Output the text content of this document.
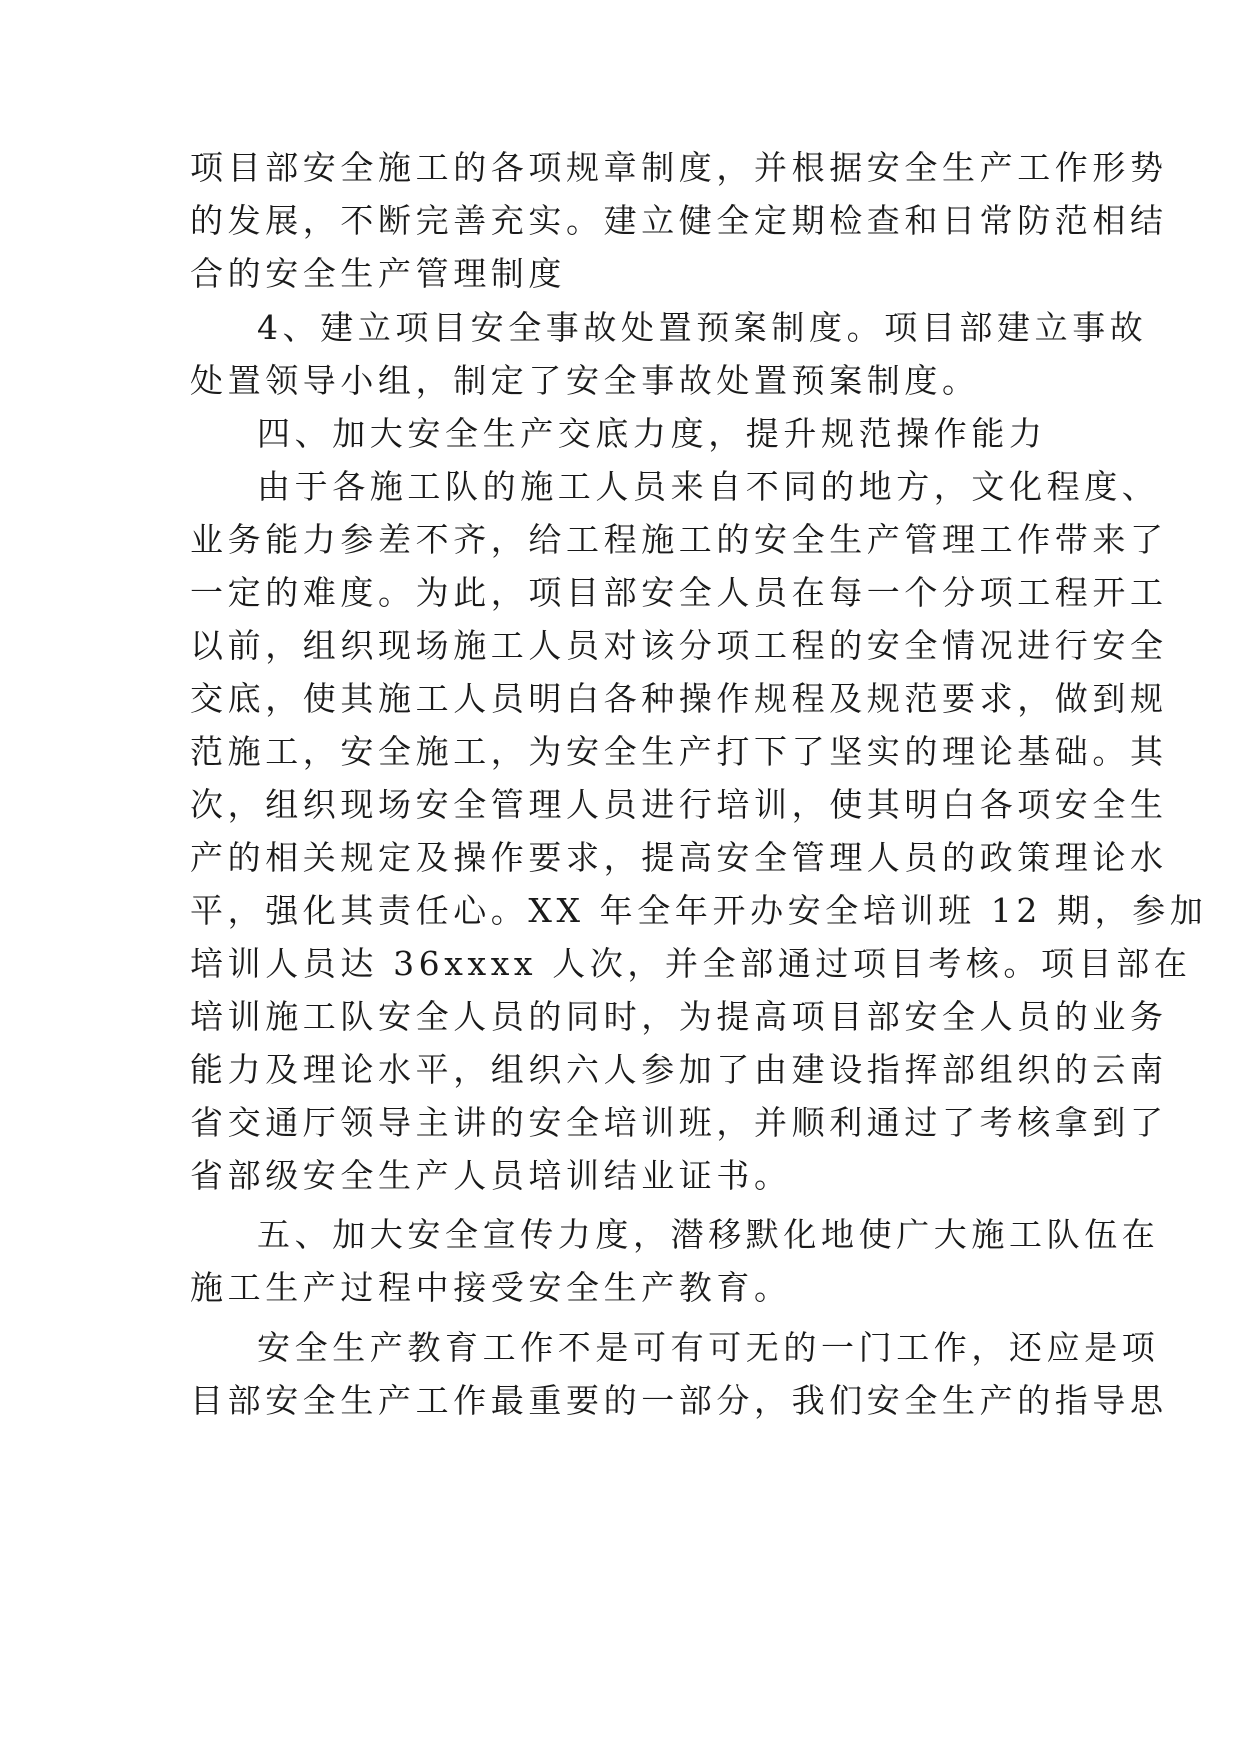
项目部安全施工的各项规章制度，并根据安全生产工作形势
的发展，不断完善充实。建立健全定期检查和日常防范相结
合的安全生产管理制度
4、建立项目安全事故处置预案制度。项目部建立事故
处置领导小组，制定了安全事故处置预案制度。
四、加大安全生产交底力度，提升规范操作能力
由于各施工队的施工人员来自不同的地方，文化程度、
业务能力参差不齐，给工程施工的安全生产管理工作带来了
一定的难度。为此，项目部安全人员在每一个分项工程开工
以前，组织现场施工人员对该分项工程的安全情况进行安全
交底，使其施工人员明白各种操作规程及规范要求，做到规
范施工，安全施工，为安全生产打下了坚实的理论基础。其
次，组织现场安全管理人员进行培训，使其明白各项安全生
产的相关规定及操作要求，提高安全管理人员的政策理论水
平，强化其责任心。XX 年全年开办安全培训班 12 期，参加
培训人员达 36xxxx 人次，并全部通过项目考核。项目部在
培训施工队安全人员的同时，为提高项目部安全人员的业务
能力及理论水平，组织六人参加了由建设指挥部组织的云南
省交通厅领导主讲的安全培训班，并顺利通过了考核拿到了
省部级安全生产人员培训结业证书。
五、加大安全宣传力度，潜移默化地使广大施工队伍在
施工生产过程中接受安全生产教育。
安全生产教育工作不是可有可无的一门工作，还应是项
目部安全生产工作最重要的一部分，我们安全生产的指导思
